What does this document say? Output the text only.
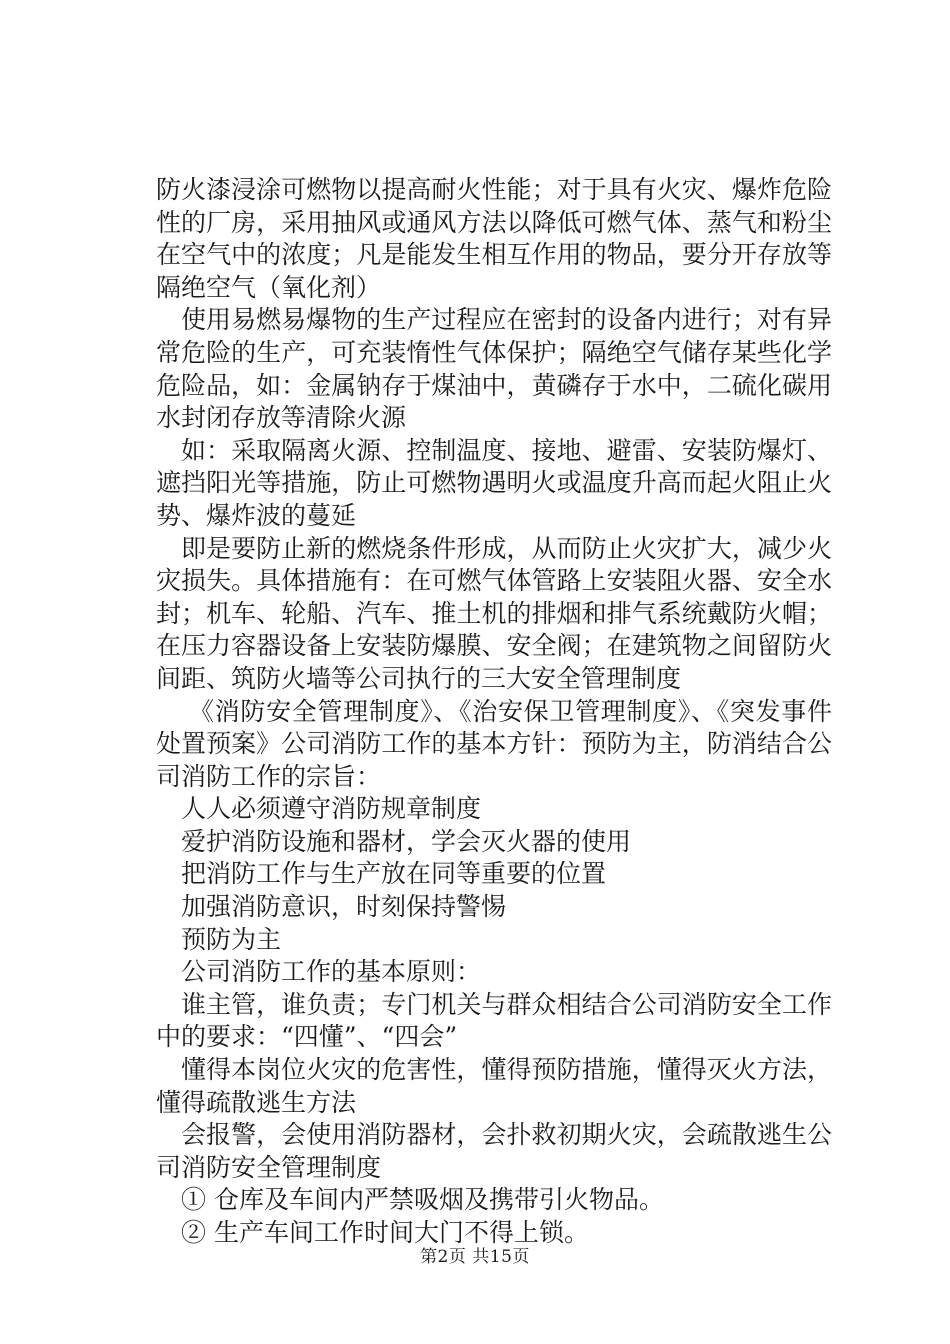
防火漆浸涂可燃物以提高耐火性能；对于具有火灾、爆炸危险性的厂房，采用抽风或通风方法以降低可燃气体、蒸气和粉尘在空气中的浓度；凡是能发生相互作用的物品，要分开存放等隔绝空气（氧化剂）

使用易燃易爆物的生产过程应在密封的设备内进行；对有异常危险的生产，可充装惰性气体保护；隔绝空气储存某些化学危险品，如：金属钠存于煤油中，黄磷存于水中，二硫化碳用水封闭存放等清除火源

如：采取隔离火源、控制温度、接地、避雷、安装防爆灯、遮挡阳光等措施，防止可燃物遇明火或温度升高而起火阻止火势、爆炸波的蔓延

即是要防止新的燃烧条件形成，从而防止火灾扩大，减少火灾损失。具体措施有：在可燃气体管路上安装阻火器、安全水封；机车、轮船、汽车、推土机的排烟和排气系统戴防火帽；在压力容器设备上安装防爆膜、安全阀；在建筑物之间留防火间距、筑防火墙等公司执行的三大安全管理制度

《消防安全管理制度》、《治安保卫管理制度》、《突发事件处置预案》公司消防工作的基本方针：预防为主，防消结合公司消防工作的宗旨：

人人必须遵守消防规章制度

爱护消防设施和器材，学会灭火器的使用

把消防工作与生产放在同等重要的位置

加强消防意识，时刻保持警惕

预防为主

公司消防工作的基本原则：

谁主管，谁负责；专门机关与群众相结合公司消防安全工作中的要求：“四懂”、“四会”

懂得本岗位火灾的危害性，懂得预防措施，懂得灭火方法，懂得疏散逃生方法

会报警，会使用消防器材，会扑救初期火灾，会疏散逃生公司消防安全管理制度

① 仓库及车间内严禁吸烟及携带引火物品。

② 生产车间工作时间大门不得上锁。

第2页 共15页
